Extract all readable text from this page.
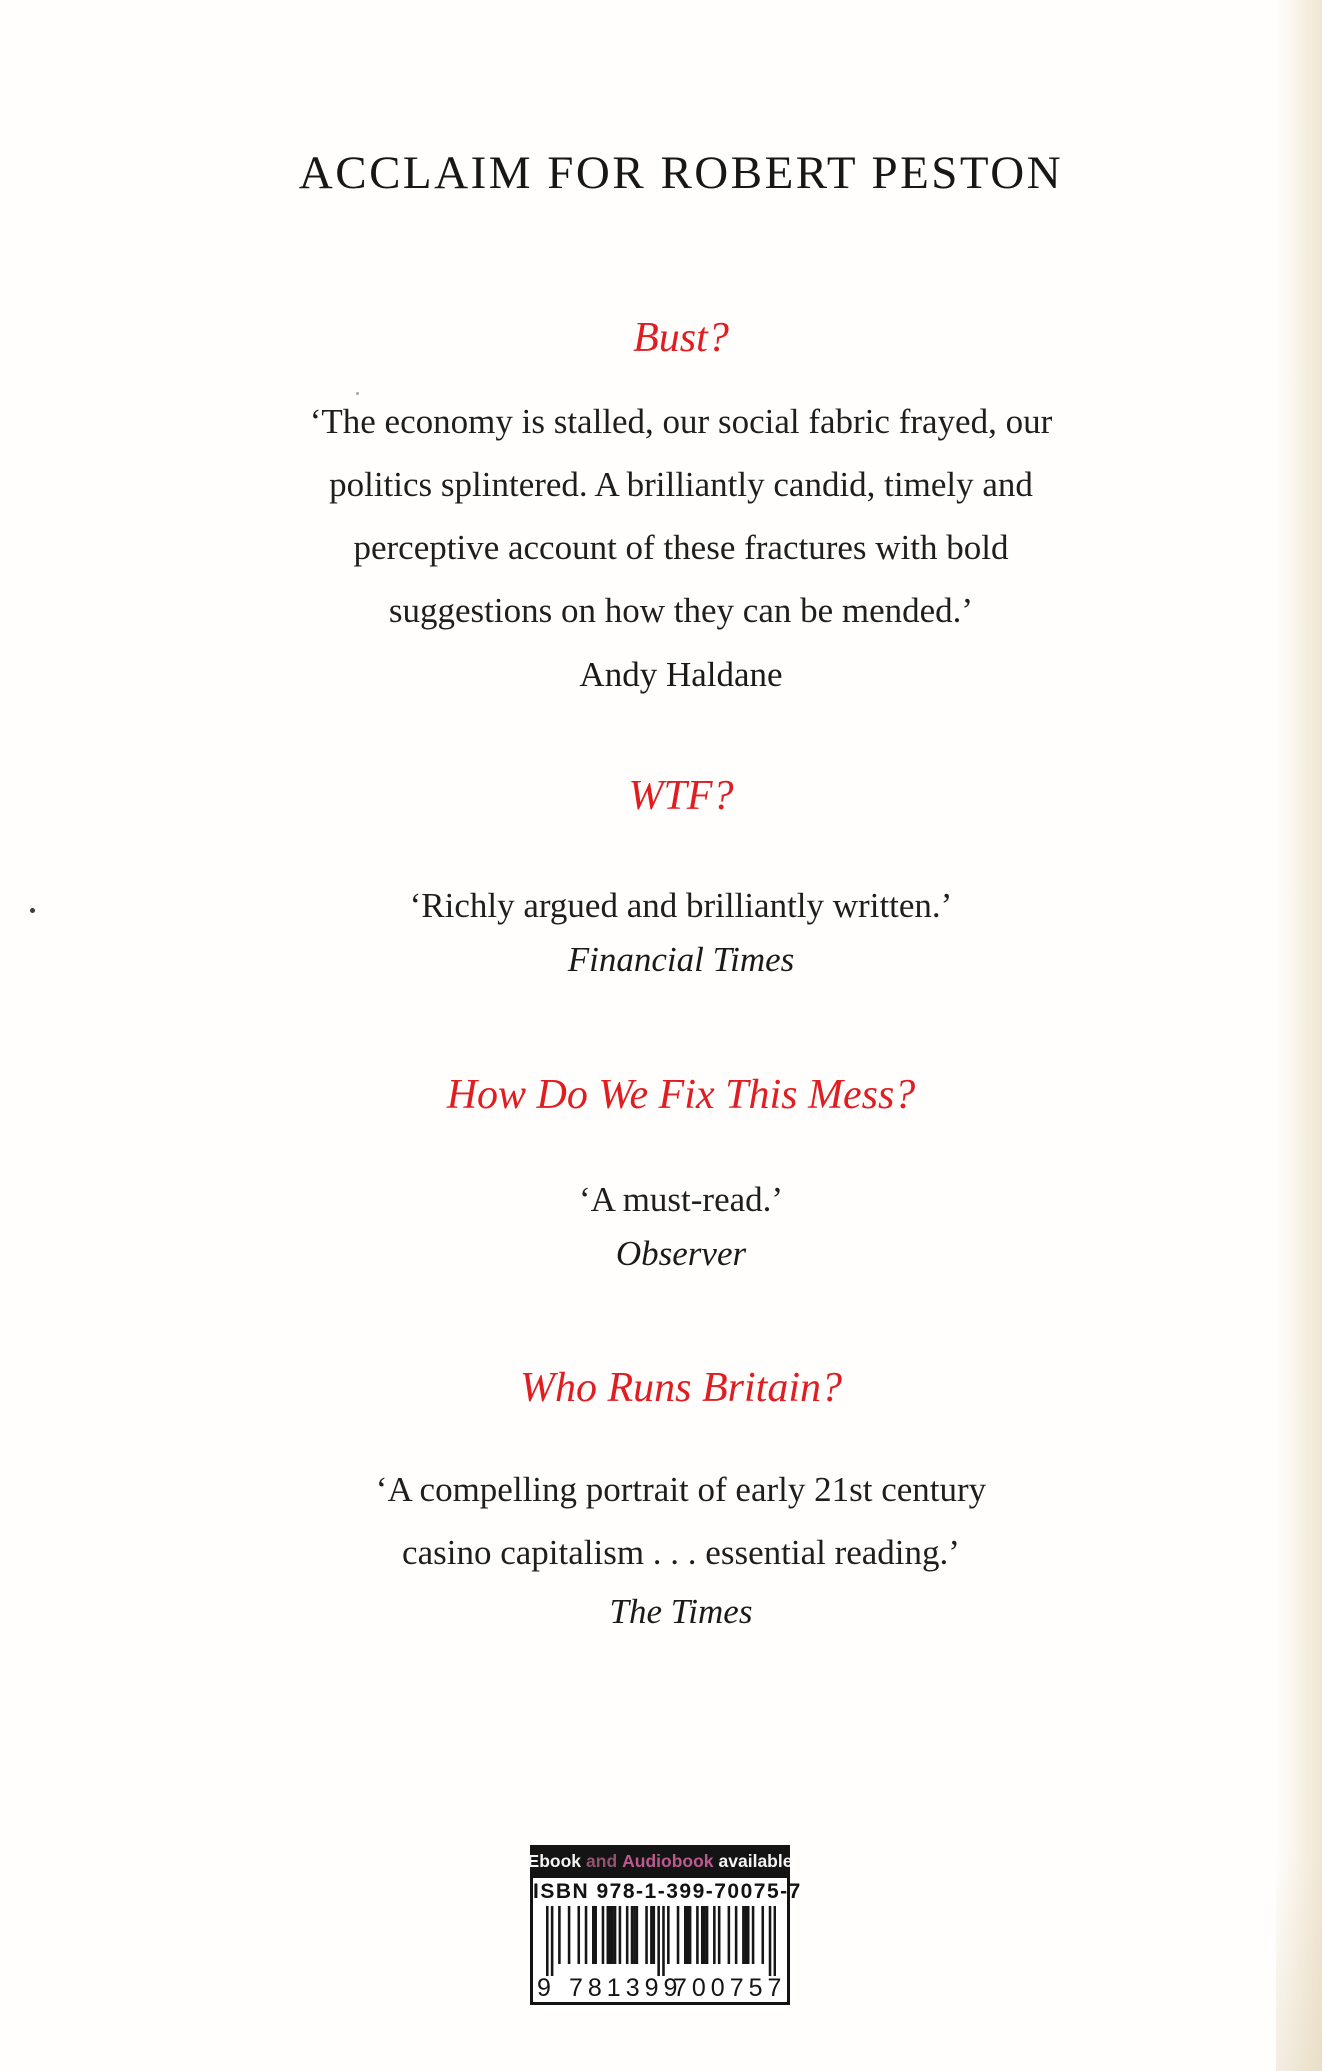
ACCLAIM FOR ROBERT PESTON
Bust?
‘The economy is stalled, our social fabric frayed, our
politics splintered. A brilliantly candid, timely and
perceptive account of these fractures with bold
suggestions on how they can be mended.’
Andy Haldane
WTF?
‘Richly argued and brilliantly written.’
Financial Times
How Do We Fix This Mess?
‘A must-read.’
Observer
Who Runs Britain?
‘A compelling portrait of early 21st century
casino capitalism . . . essential reading.’
The Times
Ebook and Audiobook available
ISBN 978-1-399-70075-7
9 781399
700757
